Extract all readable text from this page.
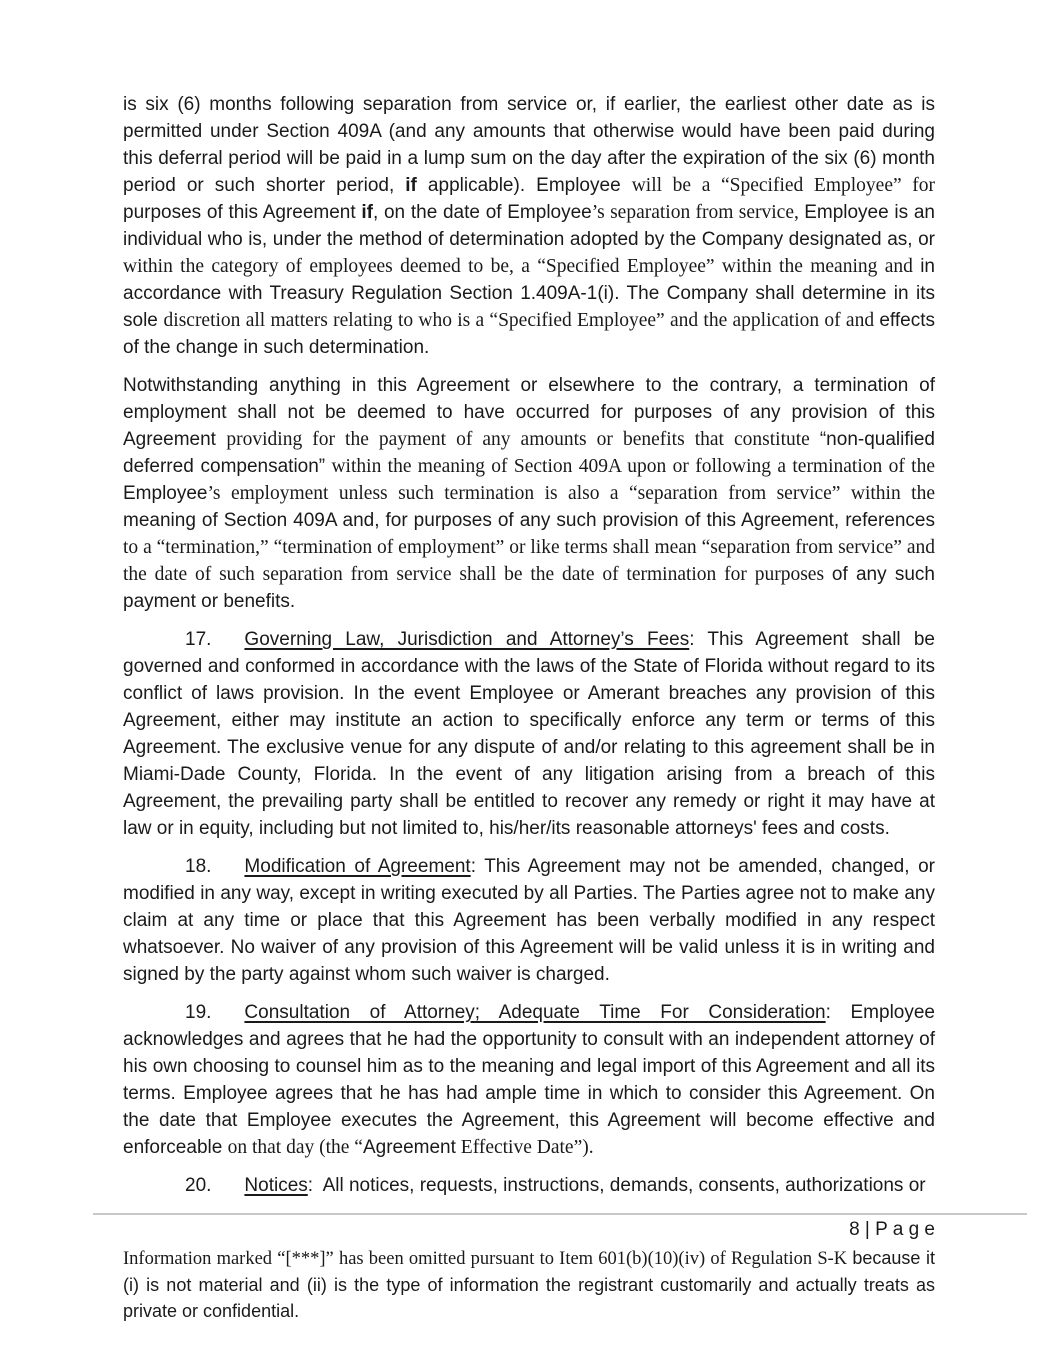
is six (6) months following separation from service or, if earlier, the earliest other date as is permitted under Section 409A (and any amounts that otherwise would have been paid during this deferral period will be paid in a lump sum on the day after the expiration of the six (6) month period or such shorter period, if applicable). Employee will be a “Specified Employee” for purposes of this Agreement if, on the date of Employee’s separation from service, Employee is an individual who is, under the method of determination adopted by the Company designated as, or within the category of employees deemed to be, a “Specified Employee” within the meaning and in accordance with Treasury Regulation Section 1.409A-1(i). The Company shall determine in its sole discretion all matters relating to who is a “Specified Employee” and the application of and effects of the change in such determination.

Notwithstanding anything in this Agreement or elsewhere to the contrary, a termination of employment shall not be deemed to have occurred for purposes of any provision of this Agreement providing for the payment of any amounts or benefits that constitute “non-qualified deferred compensation” within the meaning of Section 409A upon or following a termination of the Employee’s employment unless such termination is also a “separation from service” within the meaning of Section 409A and, for purposes of any such provision of this Agreement, references to a “termination,” “termination of employment” or like terms shall mean “separation from service” and the date of such separation from service shall be the date of termination for purposes of any such payment or benefits.

17. Governing Law, Jurisdiction and Attorney’s Fees: This Agreement shall be governed and conformed in accordance with the laws of the State of Florida without regard to its conflict of laws provision. In the event Employee or Amerant breaches any provision of this Agreement, either may institute an action to specifically enforce any term or terms of this Agreement. The exclusive venue for any dispute of and/or relating to this agreement shall be in Miami-Dade County, Florida. In the event of any litigation arising from a breach of this Agreement, the prevailing party shall be entitled to recover any remedy or right it may have at law or in equity, including but not limited to, his/her/its reasonable attorneys' fees and costs.

18. Modification of Agreement: This Agreement may not be amended, changed, or modified in any way, except in writing executed by all Parties. The Parties agree not to make any claim at any time or place that this Agreement has been verbally modified in any respect whatsoever. No waiver of any provision of this Agreement will be valid unless it is in writing and signed by the party against whom such waiver is charged.

19. Consultation of Attorney; Adequate Time For Consideration: Employee acknowledges and agrees that he had the opportunity to consult with an independent attorney of his own choosing to counsel him as to the meaning and legal import of this Agreement and all its terms. Employee agrees that he has had ample time in which to consider this Agreement. On the date that Employee executes the Agreement, this Agreement will become effective and enforceable on that day (the “Agreement Effective Date”).

20. Notices:  All notices, requests, instructions, demands, consents, authorizations or

8 | P a g e
Information marked “[***]” has been omitted pursuant to Item 601(b)(10)(iv) of Regulation S-K because it (i) is not material and (ii) is the type of information the registrant customarily and actually treats as private or confidential.
